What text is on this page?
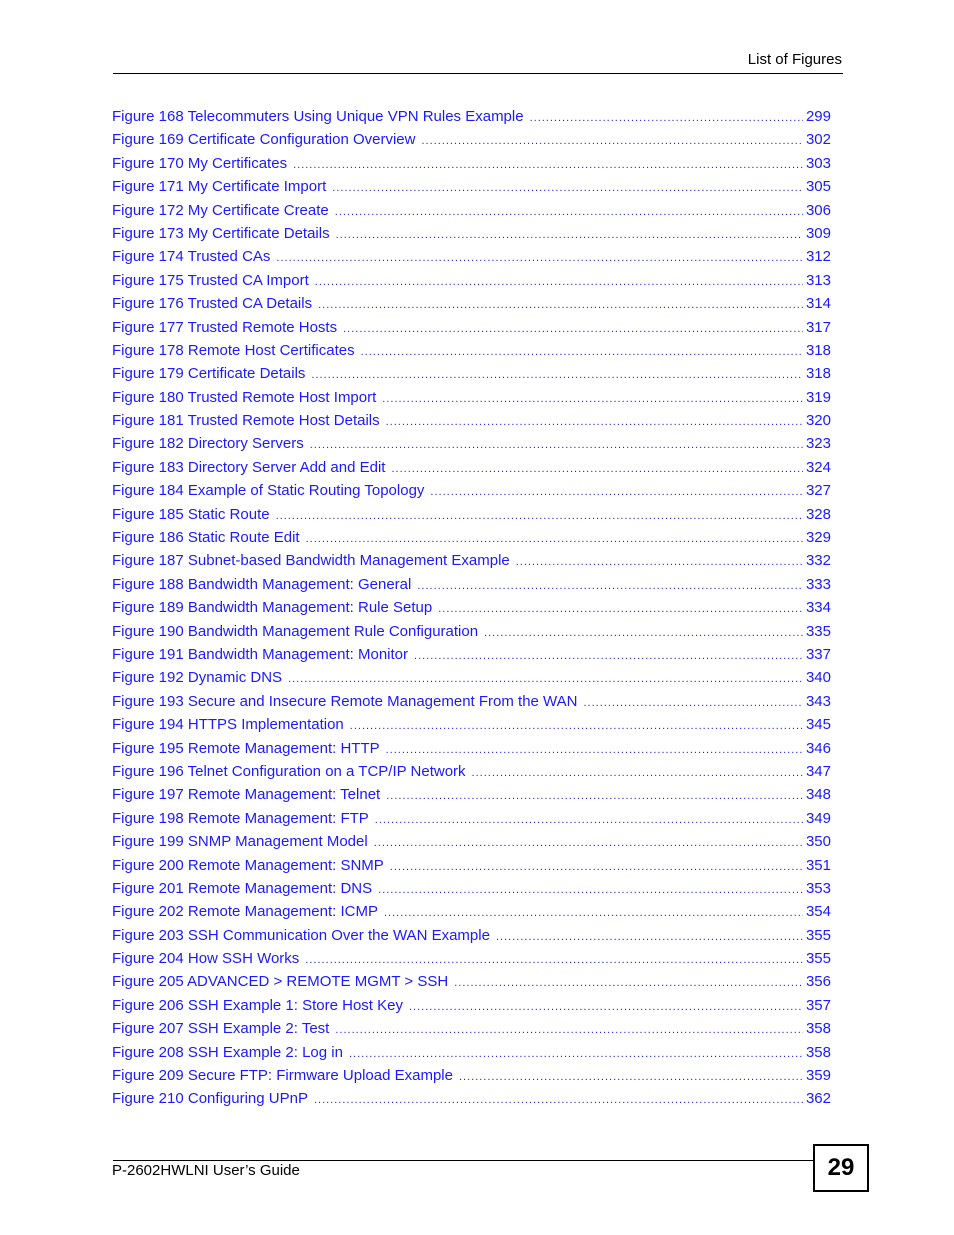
List of Figures
Figure 168 Telecommuters Using Unique VPN Rules Example .....	299
Figure 169 Certificate Configuration Overview .....	302
Figure 170 My Certificates .....	303
Figure 171 My Certificate Import .....	305
Figure 172 My Certificate Create .....	306
Figure 173 My Certificate Details .....	309
Figure 174 Trusted CAs .....	312
Figure 175 Trusted CA Import .....	313
Figure 176 Trusted CA Details .....	314
Figure 177 Trusted Remote Hosts .....	317
Figure 178 Remote Host Certificates .....	318
Figure 179 Certificate Details .....	318
Figure 180 Trusted Remote Host Import .....	319
Figure 181 Trusted Remote Host Details .....	320
Figure 182 Directory Servers .....	323
Figure 183 Directory Server Add and Edit .....	324
Figure 184 Example of Static Routing Topology .....	327
Figure 185 Static Route .....	328
Figure 186 Static Route Edit .....	329
Figure 187 Subnet-based Bandwidth Management Example .....	332
Figure 188 Bandwidth Management: General .....	333
Figure 189 Bandwidth Management: Rule Setup .....	334
Figure 190 Bandwidth Management Rule Configuration .....	335
Figure 191 Bandwidth Management: Monitor .....	337
Figure 192 Dynamic DNS .....	340
Figure 193 Secure and Insecure Remote Management From the WAN .....	343
Figure 194 HTTPS Implementation .....	345
Figure 195 Remote Management: HTTP .....	346
Figure 196 Telnet Configuration on a TCP/IP Network .....	347
Figure 197 Remote Management: Telnet .....	348
Figure 198 Remote Management: FTP .....	349
Figure 199 SNMP Management Model .....	350
Figure 200 Remote Management: SNMP .....	351
Figure 201 Remote Management: DNS .....	353
Figure 202 Remote Management: ICMP .....	354
Figure 203 SSH Communication Over the WAN Example .....	355
Figure 204 How SSH Works .....	355
Figure 205 ADVANCED > REMOTE MGMT > SSH .....	356
Figure 206 SSH Example 1: Store Host Key .....	357
Figure 207 SSH Example 2: Test .....	358
Figure 208 SSH Example 2: Log in .....	358
Figure 209 Secure FTP: Firmware Upload Example .....	359
Figure 210 Configuring UPnP .....	362
P-2602HWLNI User’s Guide	29
